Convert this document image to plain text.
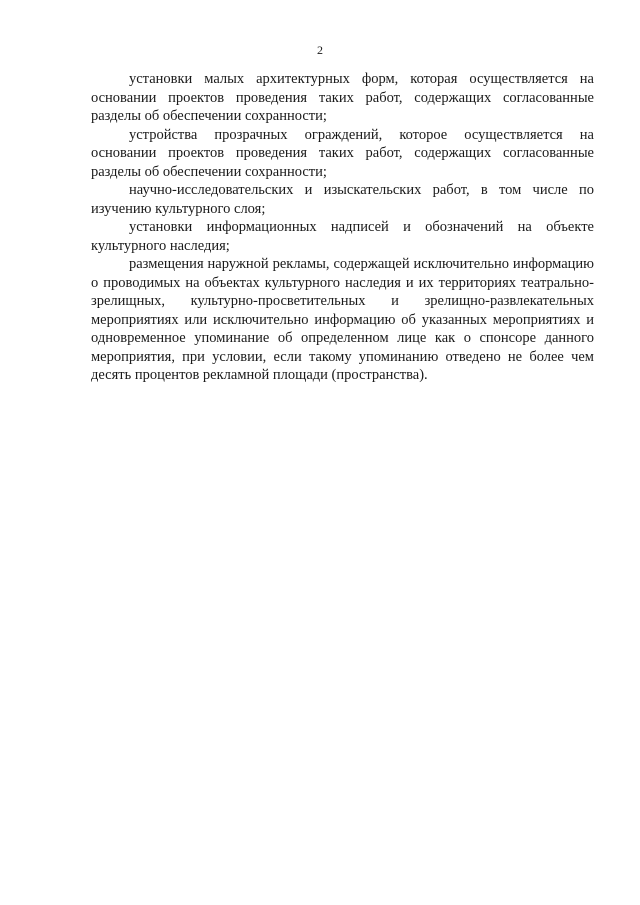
2

установки малых архитектурных форм, которая осуществляется на основании проектов проведения таких работ, содержащих согласованные разделы об обеспечении сохранности;

устройства прозрачных ограждений, которое осуществляется на основании проектов проведения таких работ, содержащих согласованные разделы об обеспечении сохранности;

научно-исследовательских и изыскательских работ, в том числе по изучению культурного слоя;

установки информационных надписей и обозначений на объекте культурного наследия;

размещения наружной рекламы, содержащей исключительно информацию о проводимых на объектах культурного наследия и их территориях театрально-зрелищных, культурно-просветительных и зрелищно-развлекательных мероприятиях или исключительно информацию об указанных мероприятиях и одновременное упоминание об определенном лице как о спонсоре данного мероприятия, при условии, если такому упоминанию отведено не более чем десять процентов рекламной площади (пространства).
